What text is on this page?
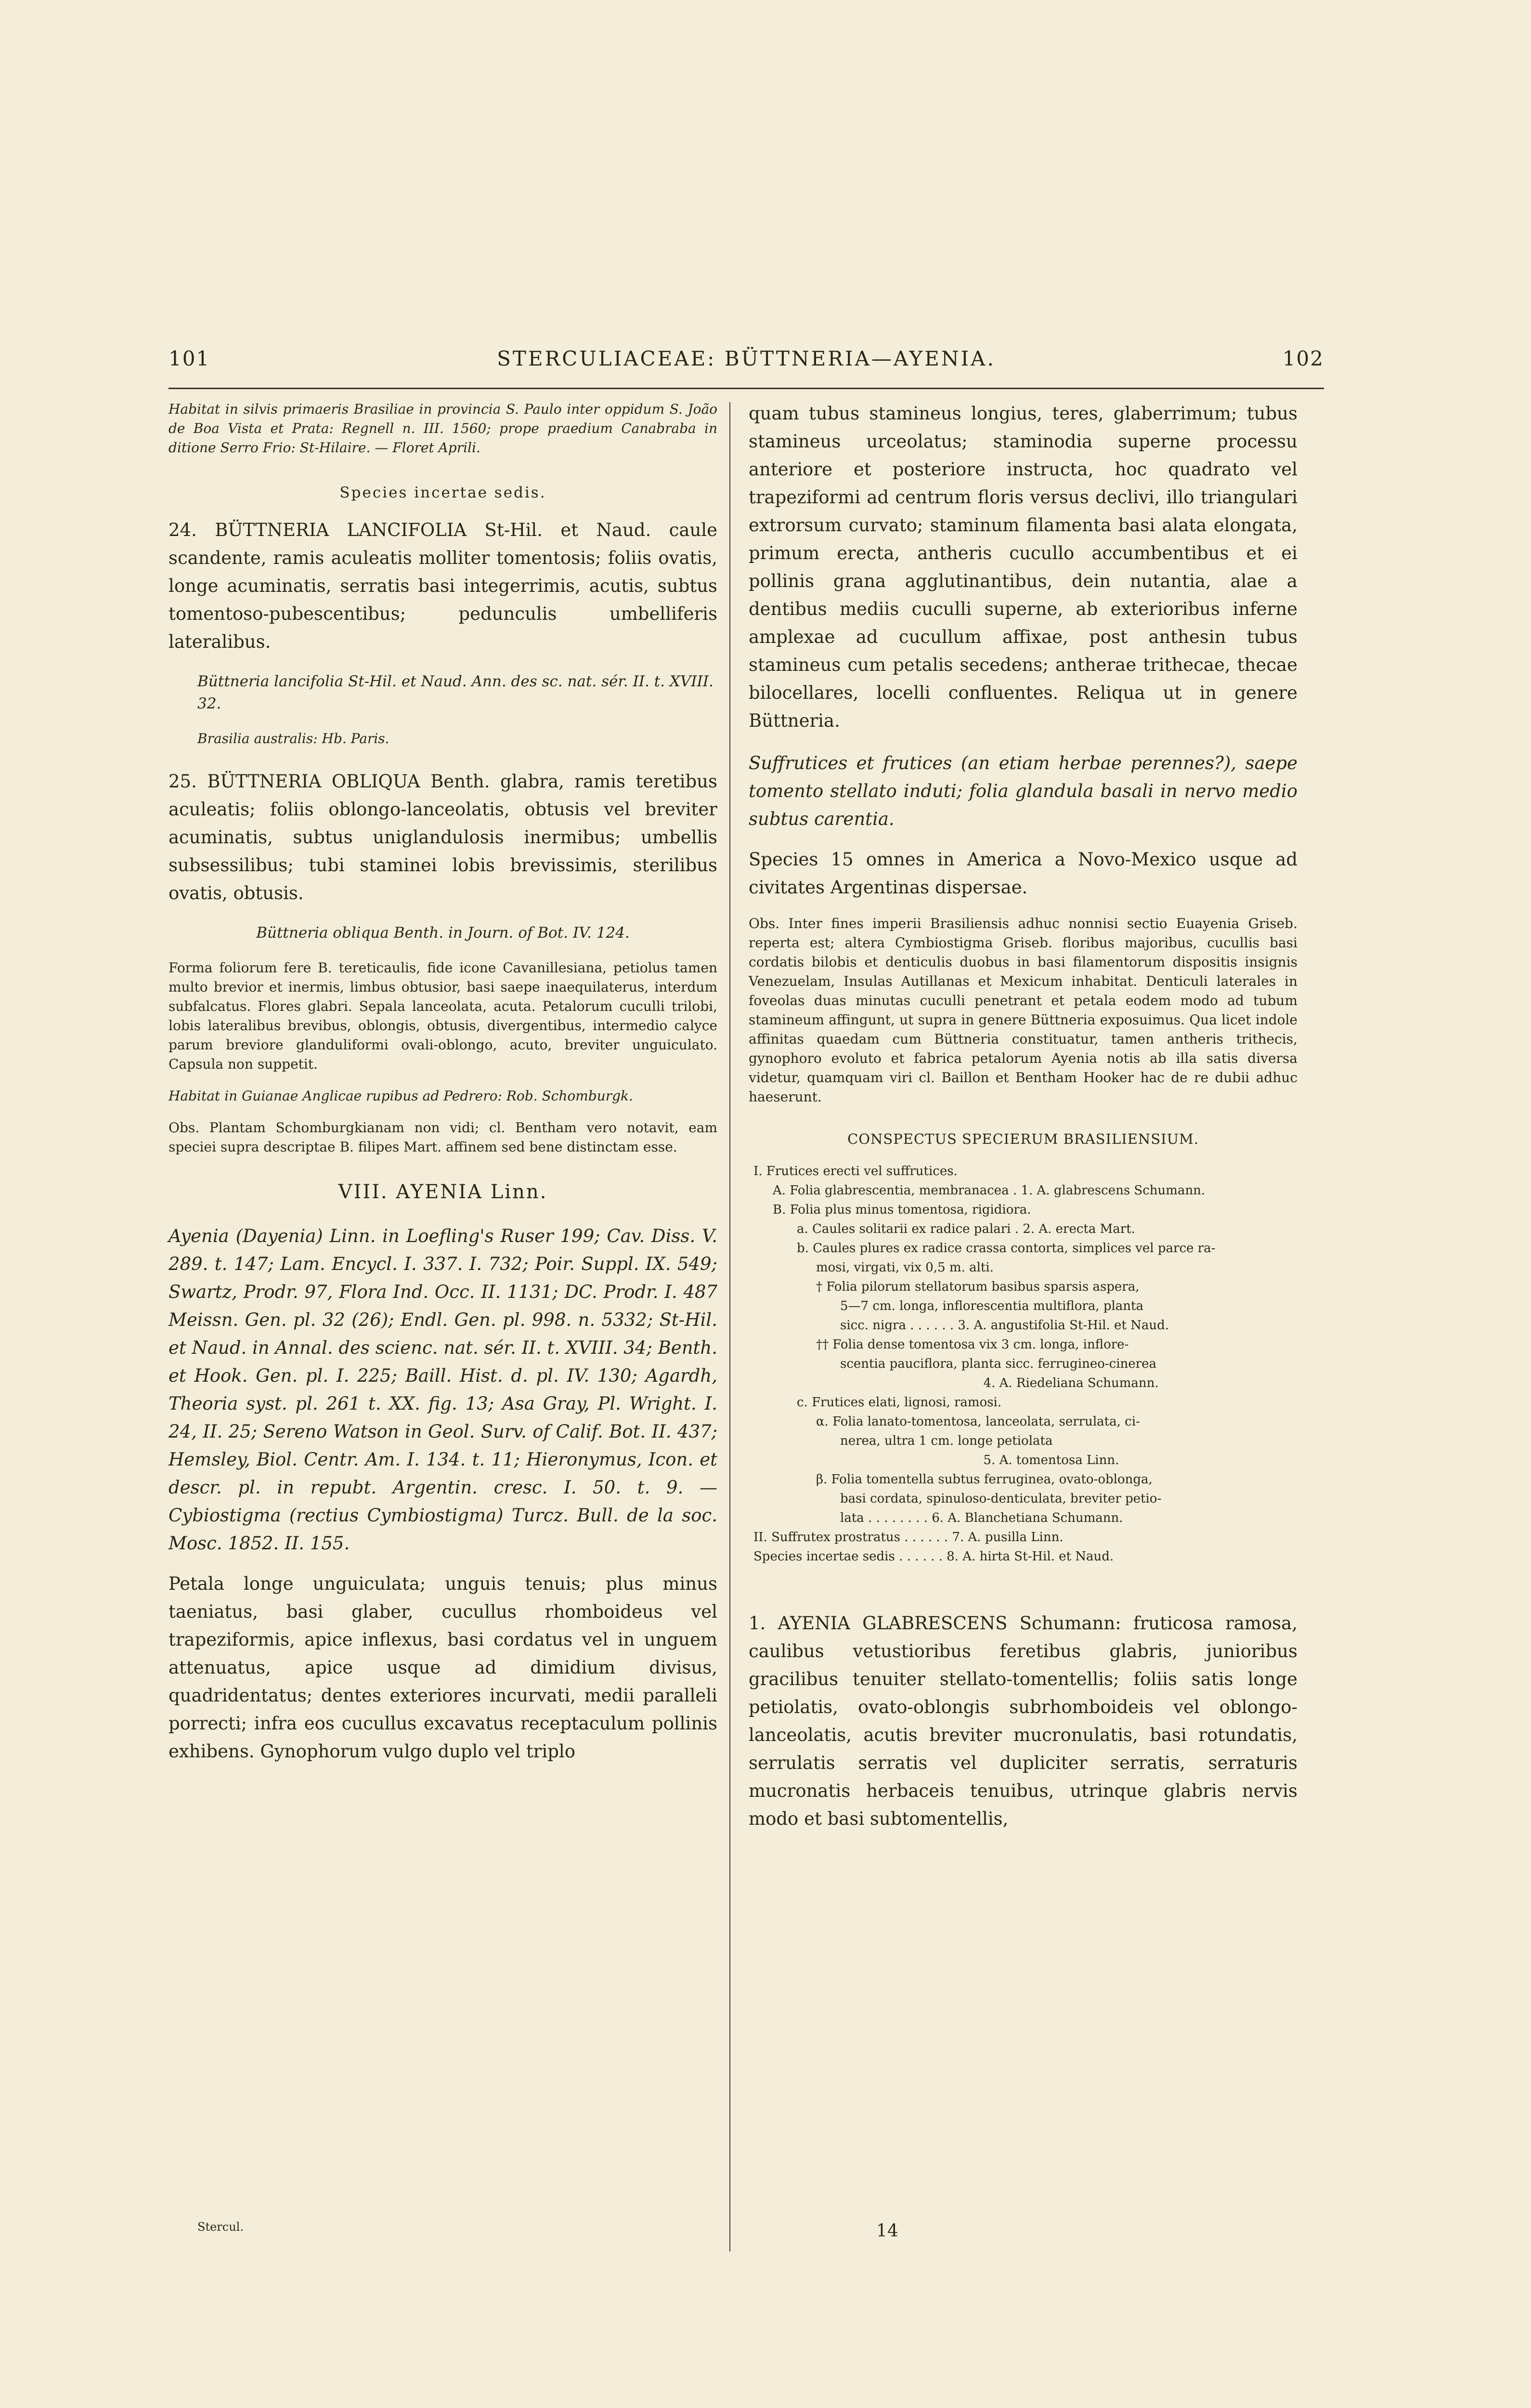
101	STERCULIACEAE: BÜTTNERIA—AYENIA.	102

Habitat in silvis primaeris Brasiliae in provincia S. Paulo inter oppidum S. João de Boa Vista et Prata: Regnell n. III. 1560; prope praedium Canabraba in ditione Serro Frio: St-Hilaire. — Floret Aprili.

Species incertae sedis.

24. BÜTTNERIA LANCIFOLIA St-Hil. et Naud. caule scandente, ramis aculeatis molliter tomentosis; foliis ovatis, longe acuminatis, serratis basi integerrimis, acutis, subtus tomentoso-pubescentibus; pedunculis umbelliferis lateralibus.

Büttneria lancifolia St-Hil. et Naud. Ann. des sc. nat. sér. II. t. XVIII. 32.

Brasilia australis: Hb. Paris.

25. BÜTTNERIA OBLIQUA Benth. glabra, ramis teretibus aculeatis; foliis oblongo-lanceolatis, obtusis vel breviter acuminatis, subtus uniglandulosis inermibus; umbellis subsessilibus; tubi staminei lobis brevissimis, sterilibus ovatis, obtusis.

Büttneria obliqua Benth. in Journ. of Bot. IV. 124.

Forma foliorum fere B. tereticaulis, fide icone Cavanillesiana, petiolus tamen multo brevior et inermis, limbus obtusior, basi saepe inaequilaterus, interdum subfalcatus. Flores glabri. Sepala lanceolata, acuta. Petalorum cuculli trilobi, lobis lateralibus brevibus, oblongis, obtusis, divergentibus, intermedio calyce parum breviore glanduliformi ovali-oblongo, acuto, breviter unguiculato. Capsula non suppetit.

Habitat in Guianae Anglicae rupibus ad Pedrero: Rob. Schomburgk.

Obs. Plantam Schomburgkianam non vidi; cl. Bentham vero notavit, eam speciei supra descriptae B. filipes Mart. affinem sed bene distinctam esse.

VIII. AYENIA Linn.

Ayenia (Dayenia) Linn. in Loefling's Ruser 199; Cav. Diss. V. 289. t. 147; Lam. Encycl. I. 337. I. 732; Poir. Suppl. IX. 549; Swartz, Prodr. 97, Flora Ind. Occ. II. 1131; DC. Prodr. I. 487 Meissn. Gen. pl. 32 (26); Endl. Gen. pl. 998. n. 5332; St-Hil. et Naud. in Annal. des scienc. nat. sér. II. t. XVIII. 34; Benth. et Hook. Gen. pl. I. 225; Baill. Hist. d. pl. IV. 130; Agardh, Theoria syst. pl. 261 t. XX. fig. 13; Asa Gray, Pl. Wright. I. 24, II. 25; Sereno Watson in Geol. Surv. of Calif. Bot. II. 437; Hemsley, Biol. Centr. Am. I. 134. t. 11; Hieronymus, Icon. et descr. pl. in repubt. Argentin. cresc. I. 50. t. 9. — Cybiostigma (rectius Cymbiostigma) Turcz. Bull. de la soc. Mosc. 1852. II. 155.

Petala longe unguiculata; unguis tenuis; plus minus taeniatus, basi glaber, cucullus rhomboideus vel trapeziformis, apice inflexus, basi cordatus vel in unguem attenuatus, apice usque ad dimidium divisus, quadridentatus; dentes exteriores incurvati, medii paralleli porrecti; infra eos cucullus excavatus receptaculum pollinis exhibens. Gynophorum vulgo duplo vel triplo

quam tubus stamineus longius, teres, glaberrimum; tubus stamineus urceolatus; staminodia superne processu anteriore et posteriore instructa, hoc quadrato vel trapeziformi ad centrum floris versus declivi, illo triangulari extrorsum curvato; staminum filamenta basi alata elongata, primum erecta, antheris cucullo accumbentibus et ei pollinis grana agglutinantibus, dein nutantia, alae a dentibus mediis cuculli superne, ab exterioribus inferne amplexae ad cucullum affixae, post anthesin tubus stamineus cum petalis secedens; antherae trithecae, thecae bilocellares, locelli confluentes. Reliqua ut in genere Büttneria.

Suffrutices et frutices (an etiam herbae perennes?), saepe tomento stellato induti; folia glandula basali in nervo medio subtus carentia.

Species 15 omnes in America a Novo-Mexico usque ad civitates Argentinas dispersae.

Obs. Inter fines imperii Brasiliensis adhuc nonnisi sectio Euayenia Griseb. reperta est; altera Cymbiostigma Griseb. floribus majoribus, cucullis basi cordatis bilobis et denticulis duobus in basi filamentorum dispositis insignis Venezuelam, Insulas Autillanas et Mexicum inhabitat. Denticuli laterales in foveolas duas minutas cuculli penetrant et petala eodem modo ad tubum stamineum affingunt, ut supra in genere Büttneria exposuimus. Qua licet indole affinitas quaedam cum Büttneria constituatur, tamen antheris trithecis, gynophoro evoluto et fabrica petalorum Ayenia notis ab illa satis diversa videtur, quamquam viri cl. Baillon et Bentham Hooker hac de re dubii adhuc haeserunt.

CONSPECTUS SPECIERUM BRASILIENSIUM.

I. Frutices erecti vel suffrutices.
A. Folia glabrescentia, membranacea . 1. A. glabrescens Schumann.
B. Folia plus minus tomentosa, rigidiora.
a. Caules solitarii ex radice palari . 2. A. erecta Mart.
b. Caules plures ex radice crassa contorta, simplices vel parce ra-
mosi, virgati, vix 0,5 m. alti.
† Folia pilorum stellatorum basibus sparsis aspera,
5—7 cm. longa, inflorescentia multiflora, planta
sicc. nigra . . . . . . 3. A. angustifolia St-Hil. et Naud.
†† Folia dense tomentosa vix 3 cm. longa, inflore-
scentia pauciflora, planta sicc. ferrugineo-cinerea
4. A. Riedeliana Schumann.
c. Frutices elati, lignosi, ramosi.
α. Folia lanato-tomentosa, lanceolata, serrulata, ci-
nerea, ultra 1 cm. longe petiolata
5. A. tomentosa Linn.
β. Folia tomentella subtus ferruginea, ovato-oblonga,
basi cordata, spinuloso-denticulata, breviter petio-
lata . . . . . . . . 6. A. Blanchetiana Schumann.
II. Suffrutex prostratus . . . . . . 7. A. pusilla Linn.
Species incertae sedis . . . . . . 8. A. hirta St-Hil. et Naud.

1. AYENIA GLABRESCENS Schumann: fruticosa ramosa, caulibus vetustioribus feretibus glabris, junioribus gracilibus tenuiter stellato-tomentellis; foliis satis longe petiolatis, ovato-oblongis subrhomboideis vel oblongo-lanceolatis, acutis breviter mucronulatis, basi rotundatis, serrulatis serratis vel dupliciter serratis, serraturis mucronatis herbaceis tenuibus, utrinque glabris nervis modo et basi subtomentellis,

Stercul.	14
